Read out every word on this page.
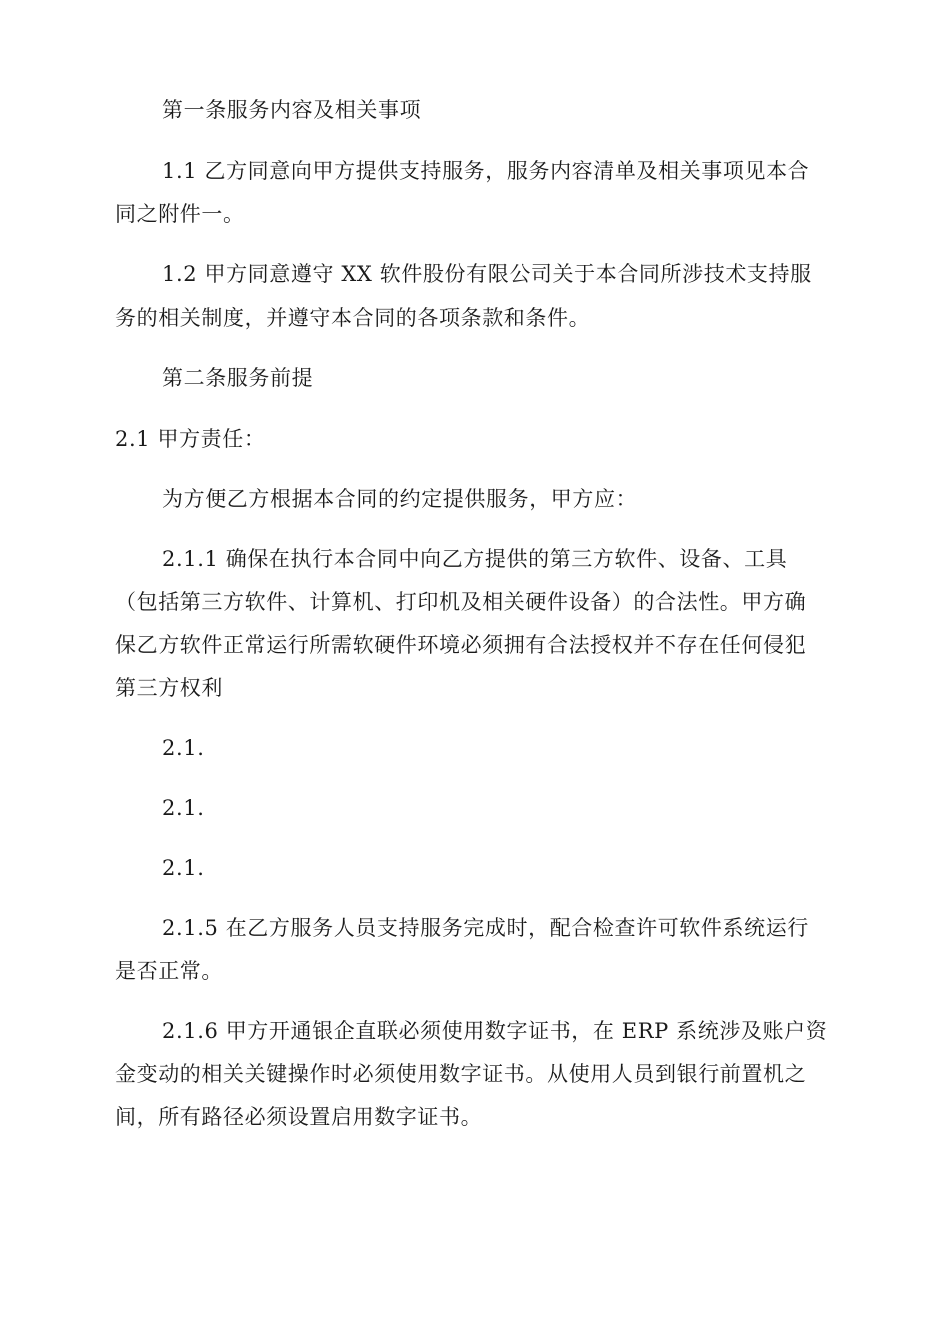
第一条服务内容及相关事项
1.1 乙方同意向甲方提供支持服务，服务内容清单及相关事项见本合
同之附件一。
1.2 甲方同意遵守 XX 软件股份有限公司关于本合同所涉技术支持服
务的相关制度，并遵守本合同的各项条款和条件。
第二条服务前提
2.1 甲方责任：
为方便乙方根据本合同的约定提供服务，甲方应：
2.1.1 确保在执行本合同中向乙方提供的第三方软件、设备、工具
（包括第三方软件、计算机、打印机及相关硬件设备）的合法性。甲方确
保乙方软件正常运行所需软硬件环境必须拥有合法授权并不存在任何侵犯
第三方权利
2.1.
2.1.
2.1.
2.1.5 在乙方服务人员支持服务完成时，配合检查许可软件系统运行
是否正常。
2.1.6 甲方开通银企直联必须使用数字证书，在 ERP 系统涉及账户资
金变动的相关关键操作时必须使用数字证书。从使用人员到银行前置机之
间，所有路径必须设置启用数字证书。
